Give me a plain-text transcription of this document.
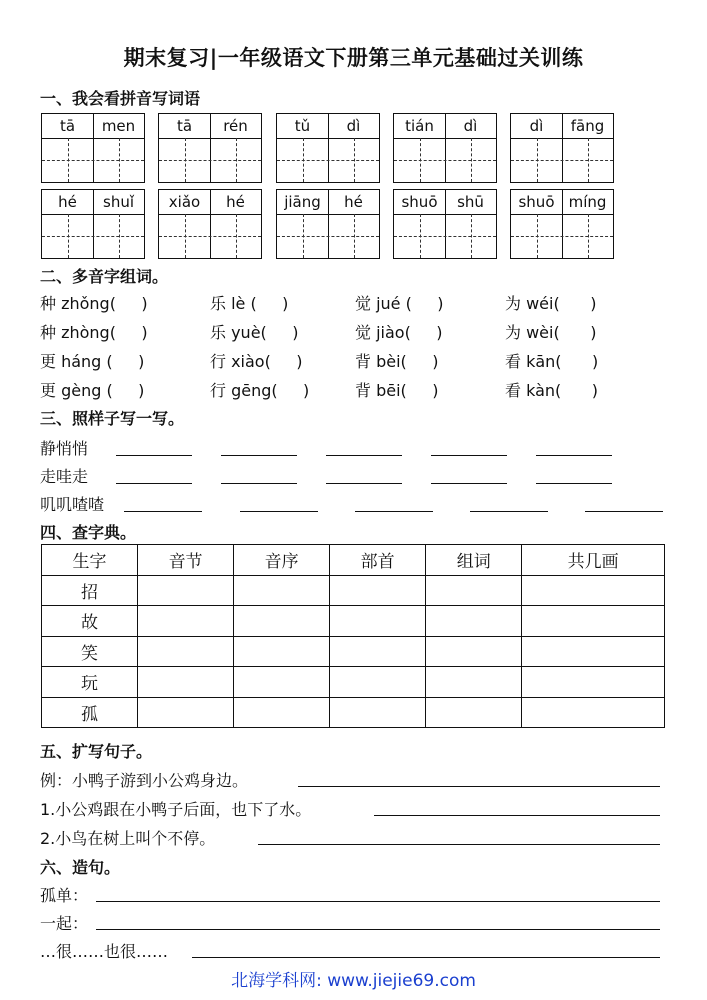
期末复习|一年级语文下册第三单元基础过关训练
一、我会看拼音写词语
tā	men	tā	rén	tǔ	dì	tián	dì	dì	fāng
hé	shuǐ	xiǎo	hé	jiāng	hé	shuō	shū	shuō míng
二、多音字组词。
种 zhǒng(     )	乐 lè (     )	觉 jué (     )	为 wéi(      )
种 zhòng(     )	乐 yuè(     )	觉 jiào(     )	为 wèi(      )
更 háng (     )	行 xiào(     )	背 bèi(     )	看 kān(      )
更 gèng (     )	行 gēng(     )	背 bēi(     )	看 kàn(      )
三、照样子写一写。
静悄悄
走哇走
叽叽喳喳
四、查字典。
生字	音节	音序	部首	组词	共几画
招					
故					
笑					
玩					
孤					
五、扩写句子。
例：小鸭子游到小公鸡身边。
1.小公鸡跟在小鸭子后面，也下了水。
2.小鸟在树上叫个不停。
六、造句。
孤单：
一起：
…很……也很……
北海学科网: www.jiejie69.com
